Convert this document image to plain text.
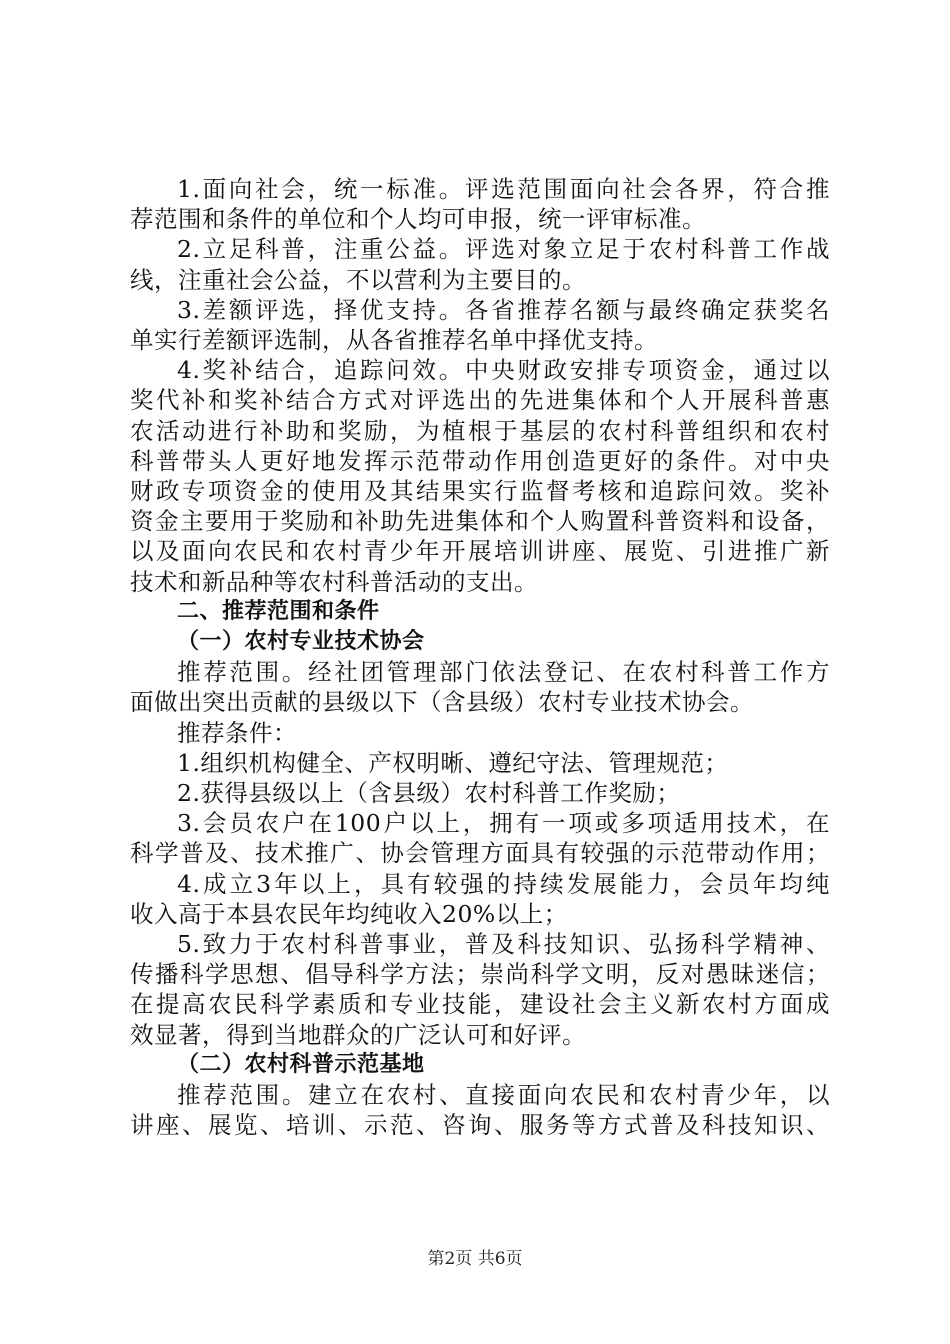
1.面向社会，统一标准。评选范围面向社会各界，符合推
荐范围和条件的单位和个人均可申报，统一评审标准。
2.立足科普，注重公益。评选对象立足于农村科普工作战
线，注重社会公益，不以营利为主要目的。
3.差额评选，择优支持。各省推荐名额与最终确定获奖名
单实行差额评选制，从各省推荐名单中择优支持。
4.奖补结合，追踪问效。中央财政安排专项资金，通过以
奖代补和奖补结合方式对评选出的先进集体和个人开展科普惠
农活动进行补助和奖励，为植根于基层的农村科普组织和农村
科普带头人更好地发挥示范带动作用创造更好的条件。对中央
财政专项资金的使用及其结果实行监督考核和追踪问效。奖补
资金主要用于奖励和补助先进集体和个人购置科普资料和设备，
以及面向农民和农村青少年开展培训讲座、展览、引进推广新
技术和新品种等农村科普活动的支出。
二、推荐范围和条件
（一）农村专业技术协会
推荐范围。经社团管理部门依法登记、在农村科普工作方
面做出突出贡献的县级以下（含县级）农村专业技术协会。
推荐条件：
1.组织机构健全、产权明晰、遵纪守法、管理规范；
2.获得县级以上（含县级）农村科普工作奖励；
3.会员农户在100户以上，拥有一项或多项适用技术，在
科学普及、技术推广、协会管理方面具有较强的示范带动作用；
4.成立3年以上，具有较强的持续发展能力，会员年均纯
收入高于本县农民年均纯收入20%以上；
5.致力于农村科普事业，普及科技知识、弘扬科学精神、
传播科学思想、倡导科学方法；崇尚科学文明，反对愚昧迷信；
在提高农民科学素质和专业技能，建设社会主义新农村方面成
效显著，得到当地群众的广泛认可和好评。
（二）农村科普示范基地
推荐范围。建立在农村、直接面向农民和农村青少年，以
讲座、展览、培训、示范、咨询、服务等方式普及科技知识、
第2页 共6页
